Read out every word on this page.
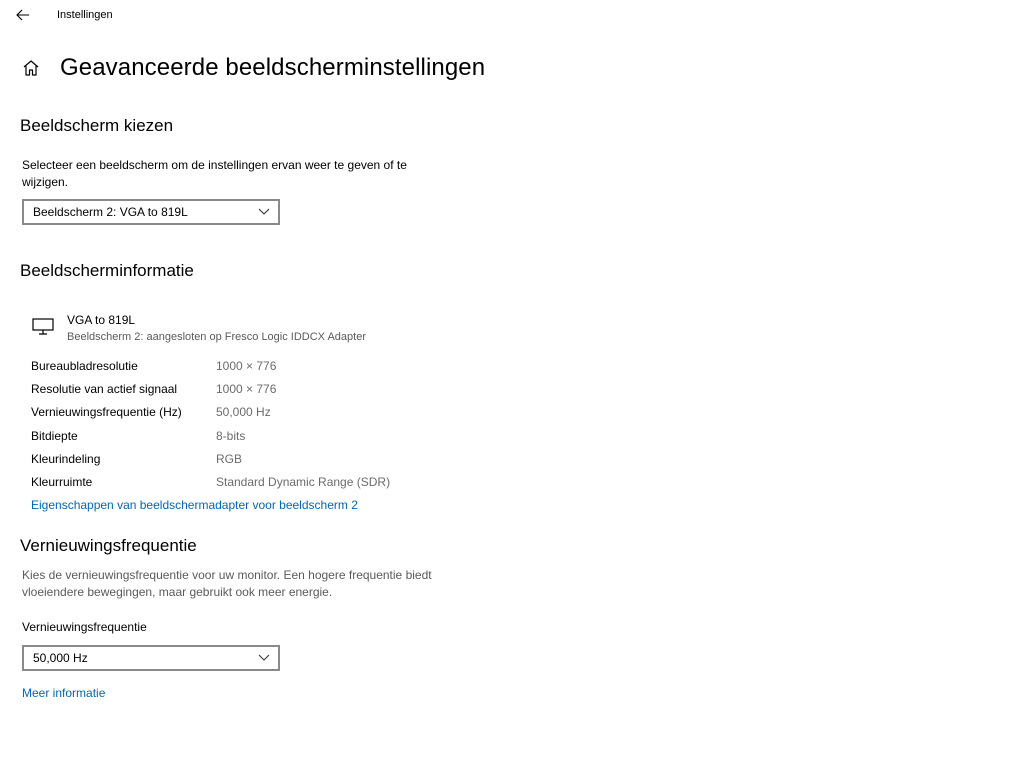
Instellingen
Geavanceerde beeldscherminstellingen
Beeldscherm kiezen
Selecteer een beeldscherm om de instellingen ervan weer te geven of te wijzigen.
Beeldscherm 2: VGA to 819L
Beeldscherminformatie
VGA to 819L
Beeldscherm 2: aangesloten op Fresco Logic IDDCX Adapter
Bureaubladresolutie	1000 × 776
Resolutie van actief signaal	1000 × 776
Vernieuwingsfrequentie (Hz)	50,000 Hz
Bitdiepte	8-bits
Kleurindeling	RGB
Kleurruimte	Standard Dynamic Range (SDR)
Eigenschappen van beeldschermadapter voor beeldscherm 2
Vernieuwingsfrequentie
Kies de vernieuwingsfrequentie voor uw monitor. Een hogere frequentie biedt vloeiendere bewegingen, maar gebruikt ook meer energie.
Vernieuwingsfrequentie
50,000 Hz
Meer informatie
